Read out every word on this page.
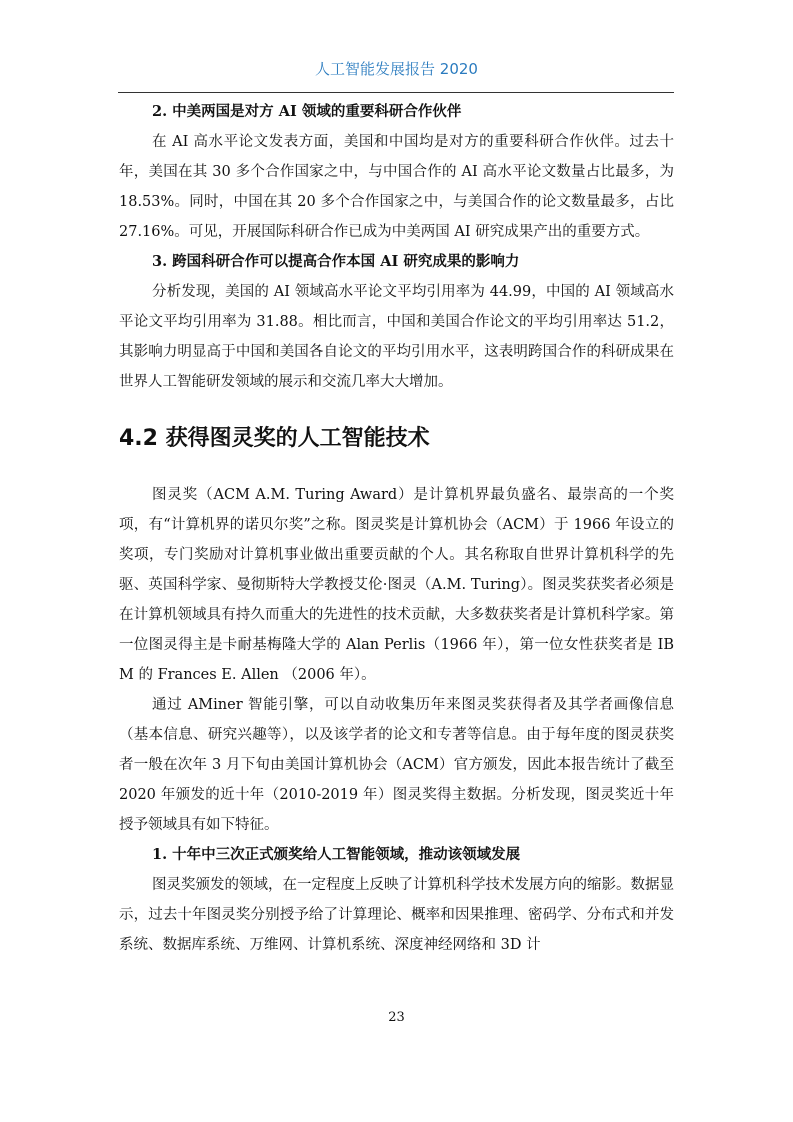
人工智能发展报告 2020
2. 中美两国是对方 AI 领域的重要科研合作伙伴

在 AI 高水平论文发表方面，美国和中国均是对方的重要科研合作伙伴。过去十年，美国在其 30 多个合作国家之中，与中国合作的 AI 高水平论文数量占比最多，为 18.53%。同时，中国在其 20 多个合作国家之中，与美国合作的论文数量最多，占比 27.16%。可见，开展国际科研合作已成为中美两国 AI 研究成果产出的重要方式。

3. 跨国科研合作可以提高合作本国 AI 研究成果的影响力

分析发现，美国的 AI 领域高水平论文平均引用率为 44.99，中国的 AI 领域高水平论文平均引用率为 31.88。相比而言，中国和美国合作论文的平均引用率达 51.2，其影响力明显高于中国和美国各自论文的平均引用水平，这表明跨国合作的科研成果在世界人工智能研发领域的展示和交流几率大大增加。

4.2 获得图灵奖的人工智能技术

图灵奖（ACM A.M. Turing Award）是计算机界最负盛名、最崇高的一个奖项，有“计算机界的诺贝尔奖”之称。图灵奖是计算机协会（ACM）于 1966 年设立的奖项，专门奖励对计算机事业做出重要贡献的个人。其名称取自世界计算机科学的先驱、英国科学家、曼彻斯特大学教授艾伦·图灵（A.M. Turing）。图灵奖获奖者必须是在计算机领域具有持久而重大的先进性的技术贡献，大多数获奖者是计算机科学家。第一位图灵得主是卡耐基梅隆大学的 Alan Perlis（1966 年），第一位女性获奖者是 IBM 的 Frances E. Allen （2006 年）。

通过 AMiner 智能引擎，可以自动收集历年来图灵奖获得者及其学者画像信息（基本信息、研究兴趣等），以及该学者的论文和专著等信息。由于每年度的图灵获奖者一般在次年 3 月下旬由美国计算机协会（ACM）官方颁发，因此本报告统计了截至 2020 年颁发的近十年（2010-2019 年）图灵奖得主数据。分析发现，图灵奖近十年授予领域具有如下特征。

1. 十年中三次正式颁奖给人工智能领域，推动该领域发展

图灵奖颁发的领域，在一定程度上反映了计算机科学技术发展方向的缩影。数据显示，过去十年图灵奖分别授予给了计算理论、概率和因果推理、密码学、分布式和并发系统、数据库系统、万维网、计算机系统、深度神经网络和 3D 计

23
